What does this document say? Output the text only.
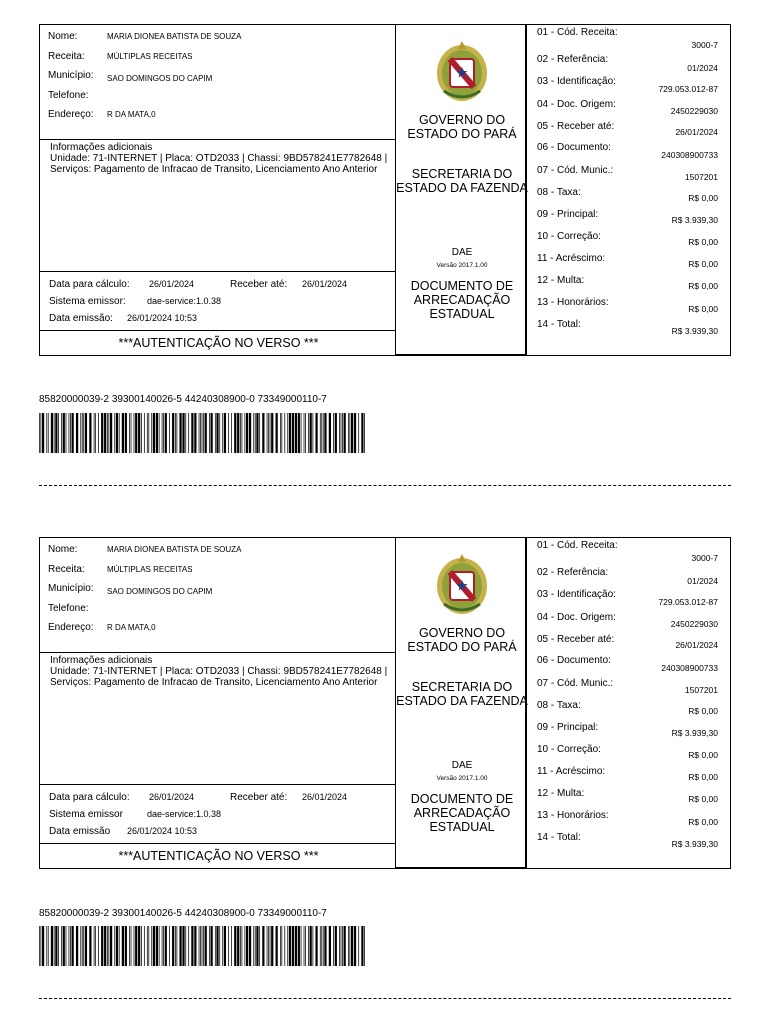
Nome:	MARIA DIONEA BATISTA DE SOUZA
Receita:	MÚLTIPLAS RECEITAS
Município: SAO DOMINGOS DO CAPIM
Telefone:
Endereço: R DA MATA,0
Informações adicionais
Unidade: 71-INTERNET | Placa: OTD2033 | Chassi: 9BD578241E7782648 | Serviços: Pagamento de Infracao de Transito, Licenciamento Ano Anterior
Data para cálculo: 26/01/2024	Receber até: 26/01/2024
Sistema emissor: dae-service:1.0.38
Data emissão: 26/01/2024 10:53
***AUTENTICAÇÃO NO VERSO ***
GOVERNO DO ESTADO DO PARÁ
SECRETARIA DO ESTADO DA FAZENDA
DAE
Versão 2017.1.00
DOCUMENTO DE ARRECADAÇÃO ESTADUAL
01 - Cód. Receita:
3000-7
02 - Referência:
01/2024
03 - Identificação:
729.053.012-87
04 - Doc. Origem:
2450229030
05 - Receber até:	26/01/2024
06 - Documento:
240308900733
07 - Cód. Munic.:
1507201
08 - Taxa:	R$ 0,00
09 - Principal:	R$ 3.939,30
10 - Correção:	R$ 0,00
11 - Acréscimo:	R$ 0,00
12 - Multa:	R$ 0,00
13 - Honorários:
R$ 0,00
14 - Total:
R$ 3.939,30
85820000039-2 39300140026-5 44240308900-0 73349000110-7
Nome:	MARIA DIONEA BATISTA DE SOUZA
Receita:	MÚLTIPLAS RECEITAS
Município: SAO DOMINGOS DO CAPIM
Telefone:
Endereço: R DA MATA,0
Informações adicionais
Unidade: 71-INTERNET | Placa: OTD2033 | Chassi: 9BD578241E7782648 | Serviços: Pagamento de Infracao de Transito, Licenciamento Ano Anterior
Data para cálculo: 26/01/2024	Receber até: 26/01/2024
Sistema emissor	dae-service:1.0.38
Data emissão 26/01/2024 10:53
***AUTENTICAÇÃO NO VERSO ***
GOVERNO DO ESTADO DO PARÁ
SECRETARIA DO ESTADO DA FAZENDA
DAE
Versão 2017.1.00
DOCUMENTO DE ARRECADAÇÃO ESTADUAL
01 - Cód. Receita:
3000-7
02 - Referência:
01/2024
03 - Identificação:
729.053.012-87
04 - Doc. Origem:
2450229030
05 - Receber até:	26/01/2024
06 - Documento:
240308900733
07 - Cód. Munic.:
1507201
08 - Taxa:	R$ 0,00
09 - Principal:	R$ 3.939,30
10 - Correção:	R$ 0,00
11 - Acréscimo:	R$ 0,00
12 - Multa:	R$ 0,00
13 - Honorários:
R$ 0,00
14 - Total:
R$ 3.939,30
85820000039-2 39300140026-5 44240308900-0 73349000110-7
